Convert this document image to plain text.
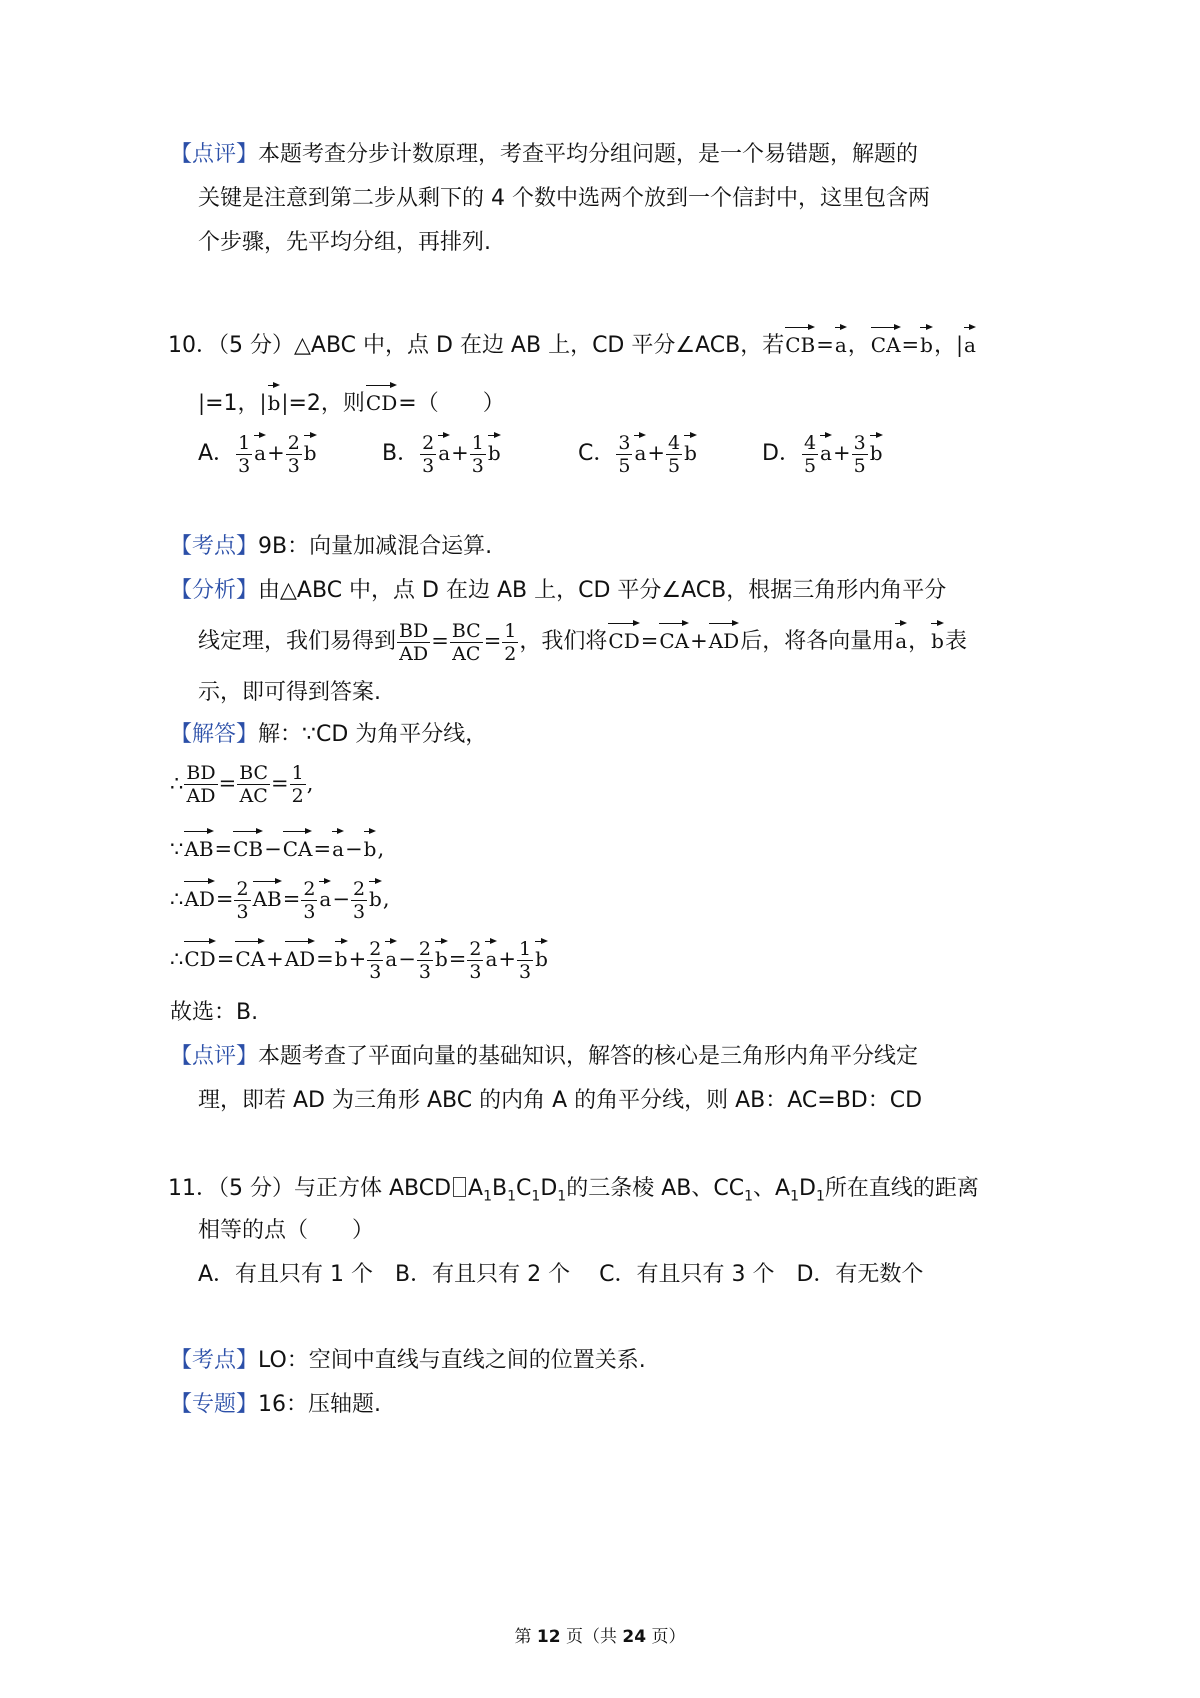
【点评】本题考查分步计数原理，考查平均分组问题，是一个易错题，解题的
关键是注意到第二步从剩下的 4 个数中选两个放到一个信封中，这里包含两
个步骤，先平均分组，再排列.
10．（5 分）△ABC 中，点 D 在边 AB 上，CD 平分∠ACB，若CB=a，CA=b，|a
|=1，|b|=2，则CD=（　　）
A． $\frac{1}{3} a+ \frac{2}{3}$ b	B． $\frac{2}{3} a+ \frac{1}{3}$ b	C． $\frac{3}{5} a+ \frac{4}{5}$ b	D． $\frac{4}{5} a+ \frac{3}{5}$ b
【考点】9B：向量加减混合运算.
【分析】由△ABC 中，点 D 在边 AB 上，CD 平分∠ACB，根据三角形内角平分
线定理，我们易得到 $\frac{BD}{AD} = \frac{BC}{AC} = \frac{1}{2}$ ，我们将CD=CA+AD后，将各向量用a，b表
示，即可得到答案.
【解答】解：∵CD 为角平分线，
∴ $\frac{BD}{AD} = \frac{BC}{AC} = \frac{1}{2}$ ,
∵AB=CB−CA=a−b,
∴AD= $\frac{2}{3} AB= \frac{2}{3} a- \frac{2}{3} b$,
∴CD=CA+AD=b+ $\frac{2}{3} a- \frac{2}{3} b= \frac{2}{3} a+ \frac{1}{3}$ b
故选：B.
【点评】本题考查了平面向量的基础知识，解答的核心是三角形内角平分线定
理，即若 AD 为三角形 ABC 的内角 A 的角平分线，则 AB：AC=BD：CD
11．（5 分）与正方体 ABCD $A_1B_1C_1D_1$的三条棱 AB、$CC_1$、$A_1D_1$所在直线的距离
相等的点（　　）
A．有且只有 1 个　B．有且只有 2 个　 C．有且只有 3 个　D．有无数个
【考点】LO：空间中直线与直线之间的位置关系.
【专题】16：压轴题.
第 12 页（共 24 页）
